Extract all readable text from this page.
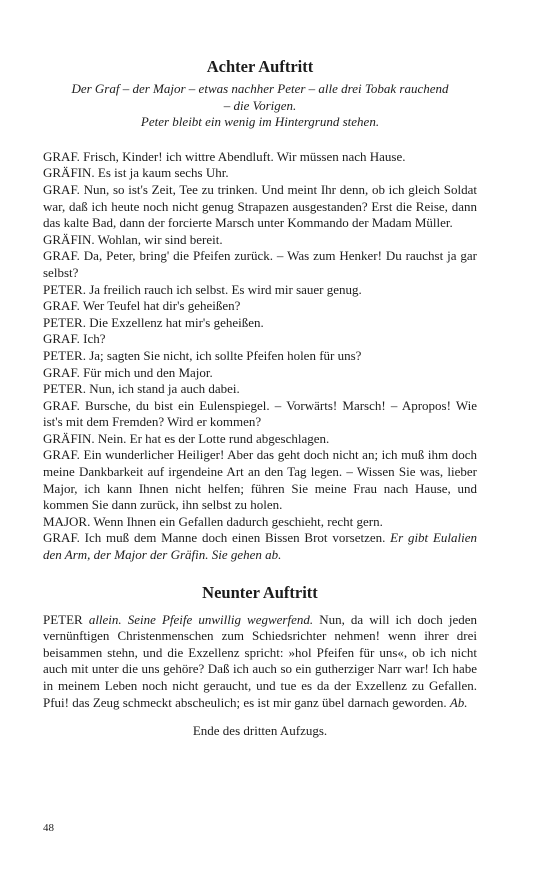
Achter Auftritt
Der Graf – der Major – etwas nachher Peter – alle drei Tobak rauchend
– die Vorigen.
Peter bleibt ein wenig im Hintergrund stehen.
GRAF. Frisch, Kinder! ich wittre Abendluft. Wir müssen nach Hause.
GRÄFIN. Es ist ja kaum sechs Uhr.
GRAF. Nun, so ist's Zeit, Tee zu trinken. Und meint Ihr denn, ob ich gleich Soldat war, daß ich heute noch nicht genug Strapazen ausgestanden? Erst die Reise, dann das kalte Bad, dann der forcierte Marsch unter Kommando der Madam Müller.
GRÄFIN. Wohlan, wir sind bereit.
GRAF. Da, Peter, bring' die Pfeifen zurück. – Was zum Henker! Du rauchst ja gar selbst?
PETER. Ja freilich rauch ich selbst. Es wird mir sauer genug.
GRAF. Wer Teufel hat dir's geheißen?
PETER. Die Exzellenz hat mir's geheißen.
GRAF. Ich?
PETER. Ja; sagten Sie nicht, ich sollte Pfeifen holen für uns?
GRAF. Für mich und den Major.
PETER. Nun, ich stand ja auch dabei.
GRAF. Bursche, du bist ein Eulenspiegel. – Vorwärts! Marsch! – Apropos! Wie ist's mit dem Fremden? Wird er kommen?
GRÄFIN. Nein. Er hat es der Lotte rund abgeschlagen.
GRAF. Ein wunderlicher Heiliger! Aber das geht doch nicht an; ich muß ihm doch meine Dankbarkeit auf irgendeine Art an den Tag legen. – Wissen Sie was, lieber Major, ich kann Ihnen nicht helfen; führen Sie meine Frau nach Hause, und kommen Sie dann zurück, ihn selbst zu holen.
MAJOR. Wenn Ihnen ein Gefallen dadurch geschieht, recht gern.
GRAF. Ich muß dem Manne doch einen Bissen Brot vorsetzen. Er gibt Eulalien den Arm, der Major der Gräfin. Sie gehen ab.
Neunter Auftritt

PETER allein. Seine Pfeife unwillig wegwerfend. Nun, da will ich doch jeden vernünftigen Christenmenschen zum Schiedsrichter nehmen! wenn ihrer drei beisammen stehn, und die Exzellenz spricht: »hol Pfeifen für uns«, ob ich nicht auch mit unter die uns gehöre? Daß ich auch so ein gutherziger Narr war! Ich habe in meinem Leben noch nicht geraucht, und tue es da der Exzellenz zu Gefallen. Pfui! das Zeug schmeckt abscheulich; es ist mir ganz übel darnach geworden. Ab.

Ende des dritten Aufzugs.
48
